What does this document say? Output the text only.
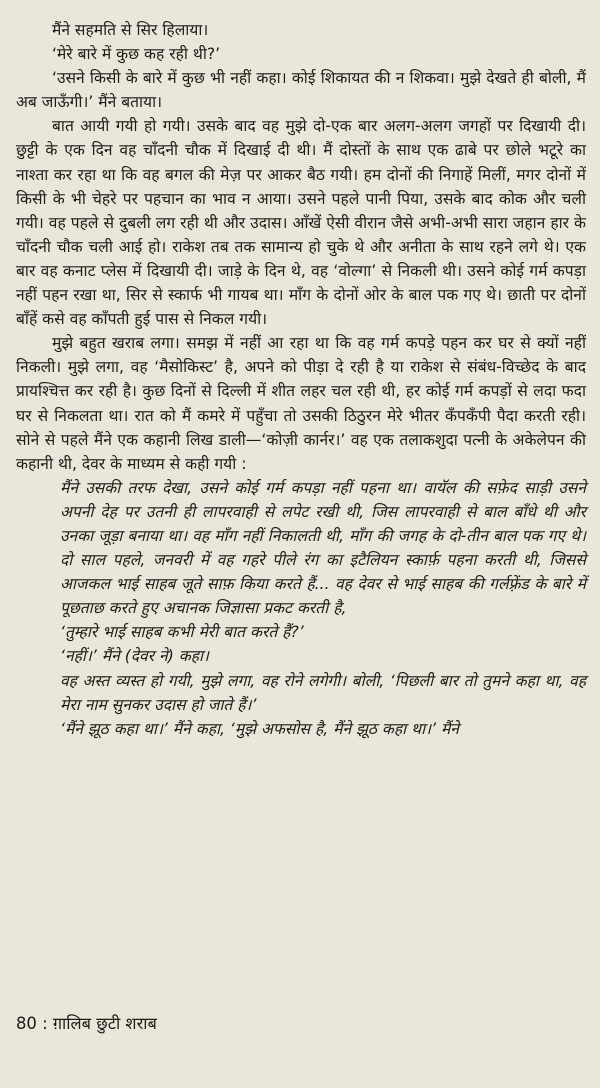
मैंने सहमति से सिर हिलाया।

‘मेरे बारे में कुछ कह रही थी?’

‘उसने किसी के बारे में कुछ भी नहीं कहा। कोई शिकायत की न शिकवा। मुझे देखते ही बोली, मैं अब जाऊँगी।’ मैंने बताया।

बात आयी गयी हो गयी। उसके बाद वह मुझे दो-एक बार अलग-अलग जगहों पर दिखायी दी। छुट्टी के एक दिन वह चाँदनी चौक में दिखाई दी थी। मैं दोस्तों के साथ एक ढाबे पर छोले भटूरे का नाश्ता कर रहा था कि वह बगल की मेज़ पर आकर बैठ गयी। हम दोनों की निगाहें मिलीं, मगर दोनों में किसी के भी चेहरे पर पहचान का भाव न आया। उसने पहले पानी पिया, उसके बाद कोक और चली गयी। वह पहले से दुबली लग रही थी और उदास। आँखें ऐसी वीरान जैसे अभी-अभी सारा जहान हार के चाँदनी चौक चली आई हो। राकेश तब तक सामान्य हो चुके थे और अनीता के साथ रहने लगे थे। एक बार वह कनाट प्लेस में दिखायी दी। जाड़े के दिन थे, वह ‘वोल्गा’ से निकली थी। उसने कोई गर्म कपड़ा नहीं पहन रखा था, सिर से स्कार्फ भी गायब था। माँग के दोनों ओर के बाल पक गए थे। छाती पर दोनों बाँहें कसे वह काँपती हुई पास से निकल गयी।

मुझे बहुत खराब लगा। समझ में नहीं आ रहा था कि वह गर्म कपड़े पहन कर घर से क्यों नहीं निकली। मुझे लगा, वह ‘मैसोकिस्ट’ है, अपने को पीड़ा दे रही है या राकेश से संबंध-विच्छेद के बाद प्रायश्चित्त कर रही है। कुछ दिनों से दिल्ली में शीत लहर चल रही थी, हर कोई गर्म कपड़ों से लदा फदा घर से निकलता था। रात को मैं कमरे में पहुँचा तो उसकी ठिठुरन मेरे भीतर कँपकँपी पैदा करती रही। सोने से पहले मैंने एक कहानी लिख डाली—‘कोज़ी कार्नर।’ वह एक तलाकशुदा पत्नी के अकेलेपन की कहानी थी, देवर के माध्यम से कही गयी :

मैंने उसकी तरफ देखा, उसने कोई गर्म कपड़ा नहीं पहना था। वायॅल की सफ़ेद साड़ी उसने अपनी देह पर उतनी ही लापरवाही से लपेट रखी थी, जिस लापरवाही से बाल बाँधे थी और उनका जूड़ा बनाया था। वह माँग नहीं निकालती थी, माँग की जगह के दो-तीन बाल पक गए थे। दो साल पहले, जनवरी में वह गहरे पीले रंग का इटैलियन स्कार्फ़ पहना करती थी, जिससे आजकल भाई साहब जूते साफ़ किया करते हैं... वह देवर से भाई साहब की गर्लफ़्रेंड के बारे में पूछताछ करते हुए अचानक जिज्ञासा प्रकट करती है,

‘तुम्हारे भाई साहब कभी मेरी बात करते हैं?’

‘नहीं।’ मैंने (देवर ने) कहा।

वह अस्त व्यस्त हो गयी, मुझे लगा, वह रोने लगेगी। बोली, ‘पिछली बार तो तुमने कहा था, वह मेरा नाम सुनकर उदास हो जाते हैं।’

‘मैंने झूठ कहा था।’ मैंने कहा, ‘मुझे अफसोस है, मैंने झूठ कहा था।’ मैंने

80 : ग़ालिब छुटी शराब
